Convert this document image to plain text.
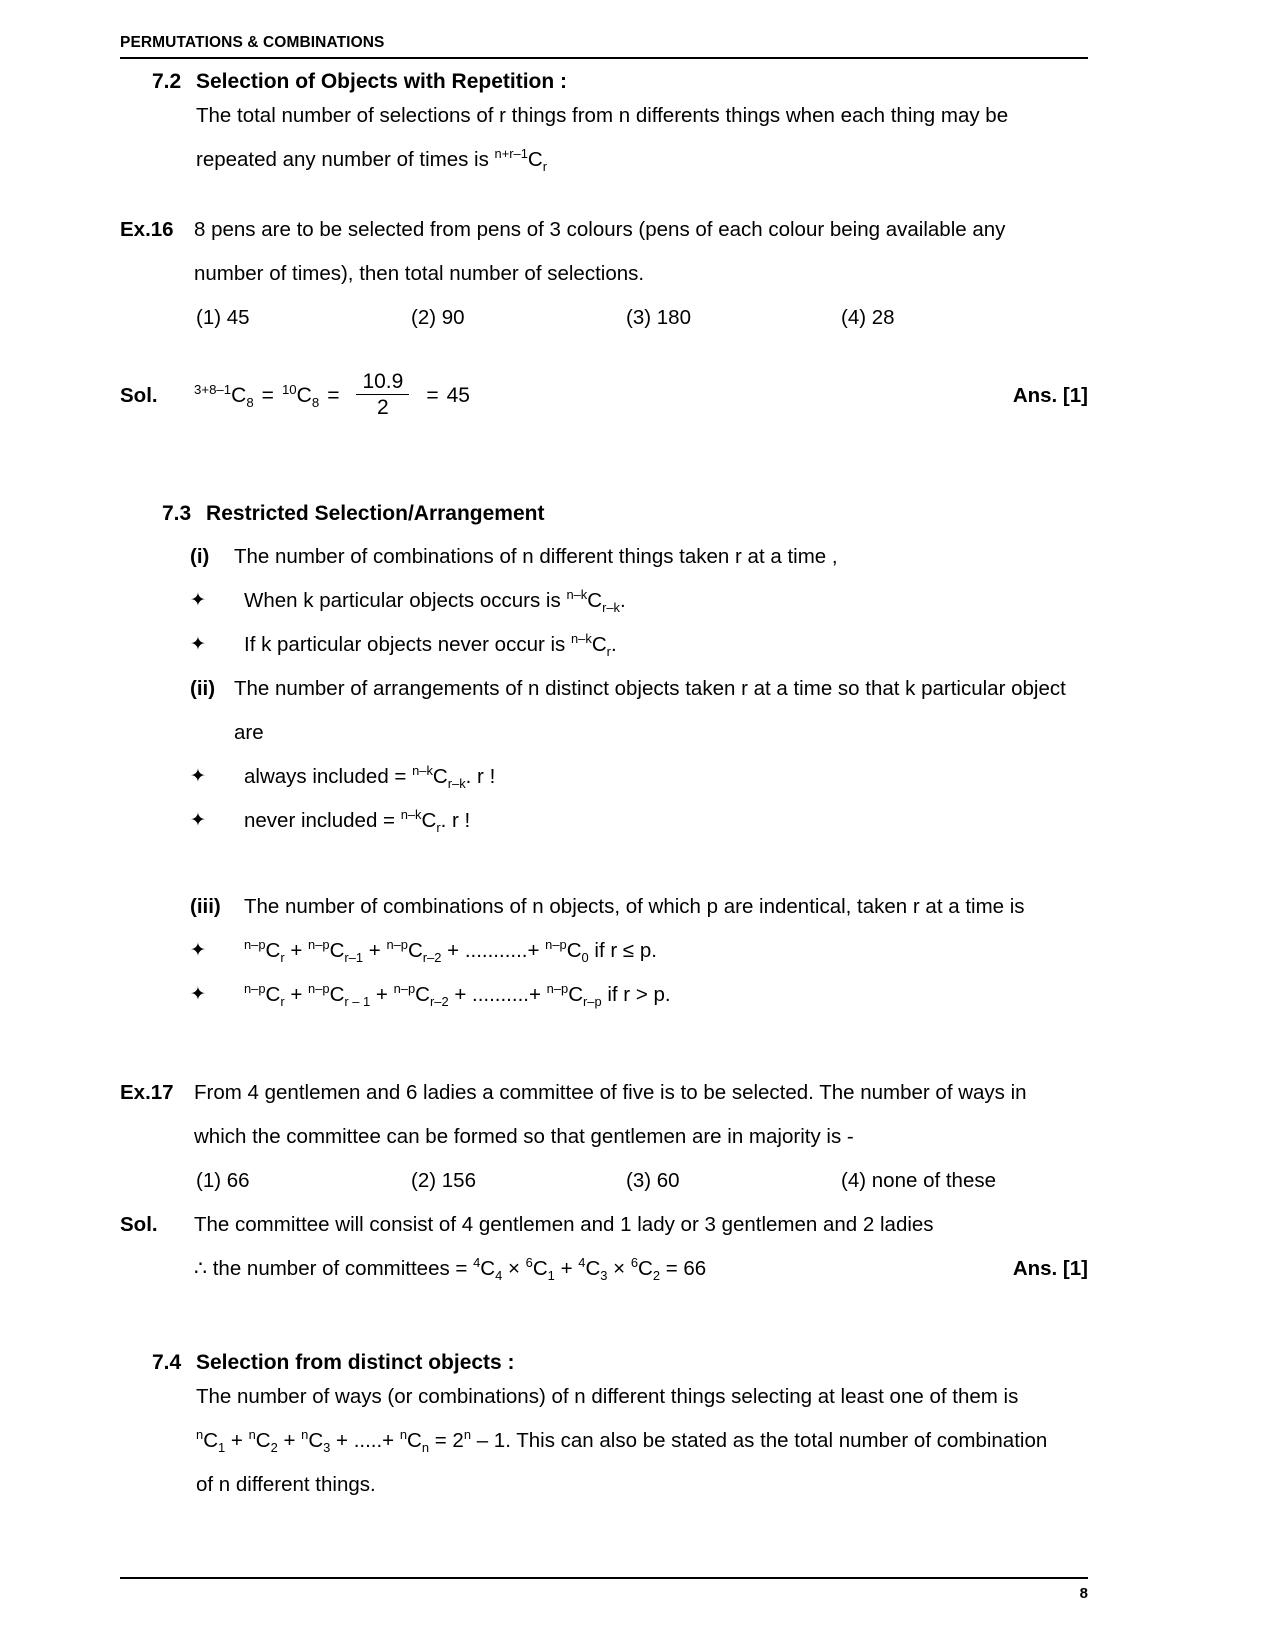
PERMUTATIONS & COMBINATIONS
7.2 Selection of Objects with Repetition :
The total number of selections of r things from n differents things when each thing may be
repeated any number of times is $^{n+r-1}C_r$
Ex.16 8 pens are to be selected from pens of 3 colours (pens of each colour being available any
number of times), then total number of selections.
(1) 45	(2) 90	(3) 180	(4) 28
Sol.	$^{3+8-1}C_8 = ^{10}C_8 = \frac{10.9}{2} = 45$	Ans. [1]
7.3 Restricted Selection/Arrangement
(i)	The number of combinations of n different things taken r at a time ,
✦	When k particular objects occurs is $^{n-k}C_{r-k}$.
✦	If k particular objects never occur is $^{n-k}C_r$.
(ii) The number of arrangements of n distinct objects taken r at a time so that k particular object
are
✦	always included = $^{n-k}C_{r-k}$. r !
✦	never included = $^{n-k}C_r$. r !
(iii)	The number of combinations of n objects, of which p are indentical, taken r at a time is
✦	$^{n-p}C_r + ^{n-p}C_{r-1} + ^{n-p}C_{r-2}$ + ...........+ $^{n-p}C_0$ if r ≤ p.
✦	$^{n-p}C_r + ^{n-p}C_{r - 1} + ^{n-p}C_{r-2}$ + ..........+ $^{n-p}C_{r-p}$ if r > p.
Ex.17 From 4 gentlemen and 6 ladies a committee of five is to be selected. The number of ways in
which the committee can be formed so that gentlemen are in majority is -
(1) 66	(2) 156	(3) 60	(4) none of these
Sol.	The committee will consist of 4 gentlemen and 1 lady or 3 gentlemen and 2 ladies
∴ the number of committees = $^4C_4 \times ^6C_1 + ^4C_3 \times ^6C_2 = 66$	Ans. [1]
7.4 Selection from distinct objects :
The number of ways (or combinations) of n different things selecting at least one of them is
$^nC_1 + ^nC_2 + ^nC_3$ + .....+ $^nC_n = 2^n - 1$. This can also be stated as the total number of combination
of n different things.
8
